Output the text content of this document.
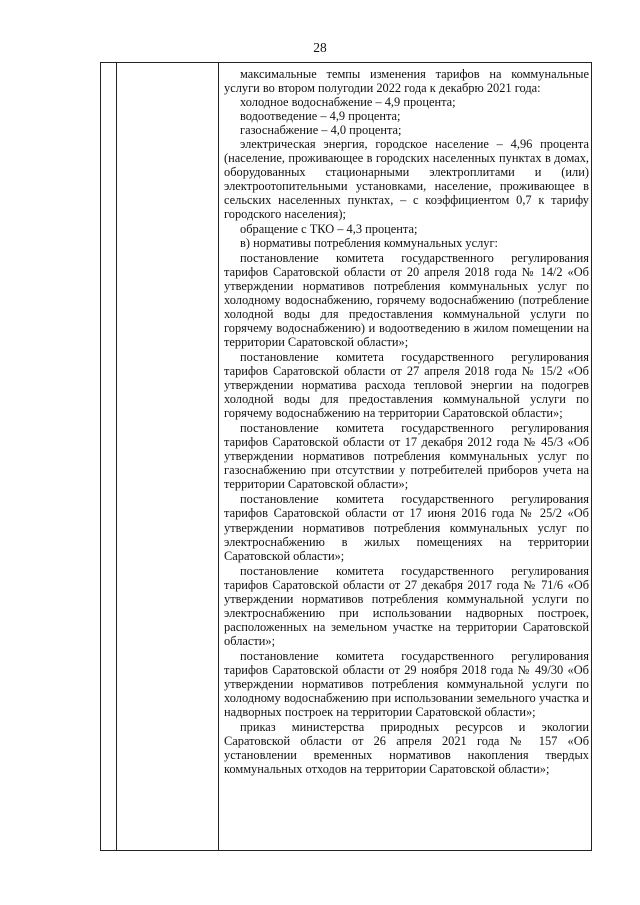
28

максимальные темпы изменения тарифов на коммунальные услуги во втором полугодии 2022 года к декабрю 2021 года:

холодное водоснабжение – 4,9 процента;

водоотведение – 4,9 процента;

газоснабжение – 4,0 процента;

электрическая энергия, городское население – 4,96 процента (население, проживающее в городских населенных пунктах в домах, оборудованных стационарными электроплитами и (или) электроотопительными установками, население, проживающее в сельских населенных пунктах, – с коэффициентом 0,7 к тарифу городского населения);

обращение с ТКО – 4,3 процента;

в) нормативы потребления коммунальных услуг:

постановление комитета государственного регулирования тарифов Саратовской области от 20 апреля 2018 года № 14/2 «Об утверждении нормативов потребления коммунальных услуг по холодному водоснабжению, горячему водоснабжению (потребление холодной воды для предоставления коммунальной услуги по горячему водоснабжению) и водоотведению в жилом помещении на территории Саратовской области»;

постановление комитета государственного регулирования тарифов Саратовской области от 27 апреля 2018 года № 15/2 «Об утверждении норматива расхода тепловой энергии на подогрев холодной воды для предоставления коммунальной услуги по горячему водоснабжению на территории Саратовской области»;

постановление комитета государственного регулирования тарифов Саратовской области от 17 декабря 2012 года № 45/3 «Об утверждении нормативов потребления коммунальных услуг по газоснабжению при отсутствии у потребителей приборов учета на территории Саратовской области»;

постановление комитета государственного регулирования тарифов Саратовской области от 17 июня 2016 года № 25/2 «Об утверждении нормативов потребления коммунальных услуг по электроснабжению в жилых помещениях на территории Саратовской области»;

постановление комитета государственного регулирования тарифов Саратовской области от 27 декабря 2017 года № 71/6 «Об утверждении нормативов потребления коммунальной услуги по электроснабжению при использовании надворных построек, расположенных на земельном участке на территории Саратовской области»;

постановление комитета государственного регулирования тарифов Саратовской области от 29 ноября 2018 года № 49/30 «Об утверждении нормативов потребления коммунальной услуги по холодному водоснабжению при использовании земельного участка и надворных построек на территории Саратовской области»;

приказ министерства природных ресурсов и экологии Саратовской области от 26 апреля 2021 года № 157 «Об установлении временных нормативов накопления твердых коммунальных отходов на территории Саратовской области»;
